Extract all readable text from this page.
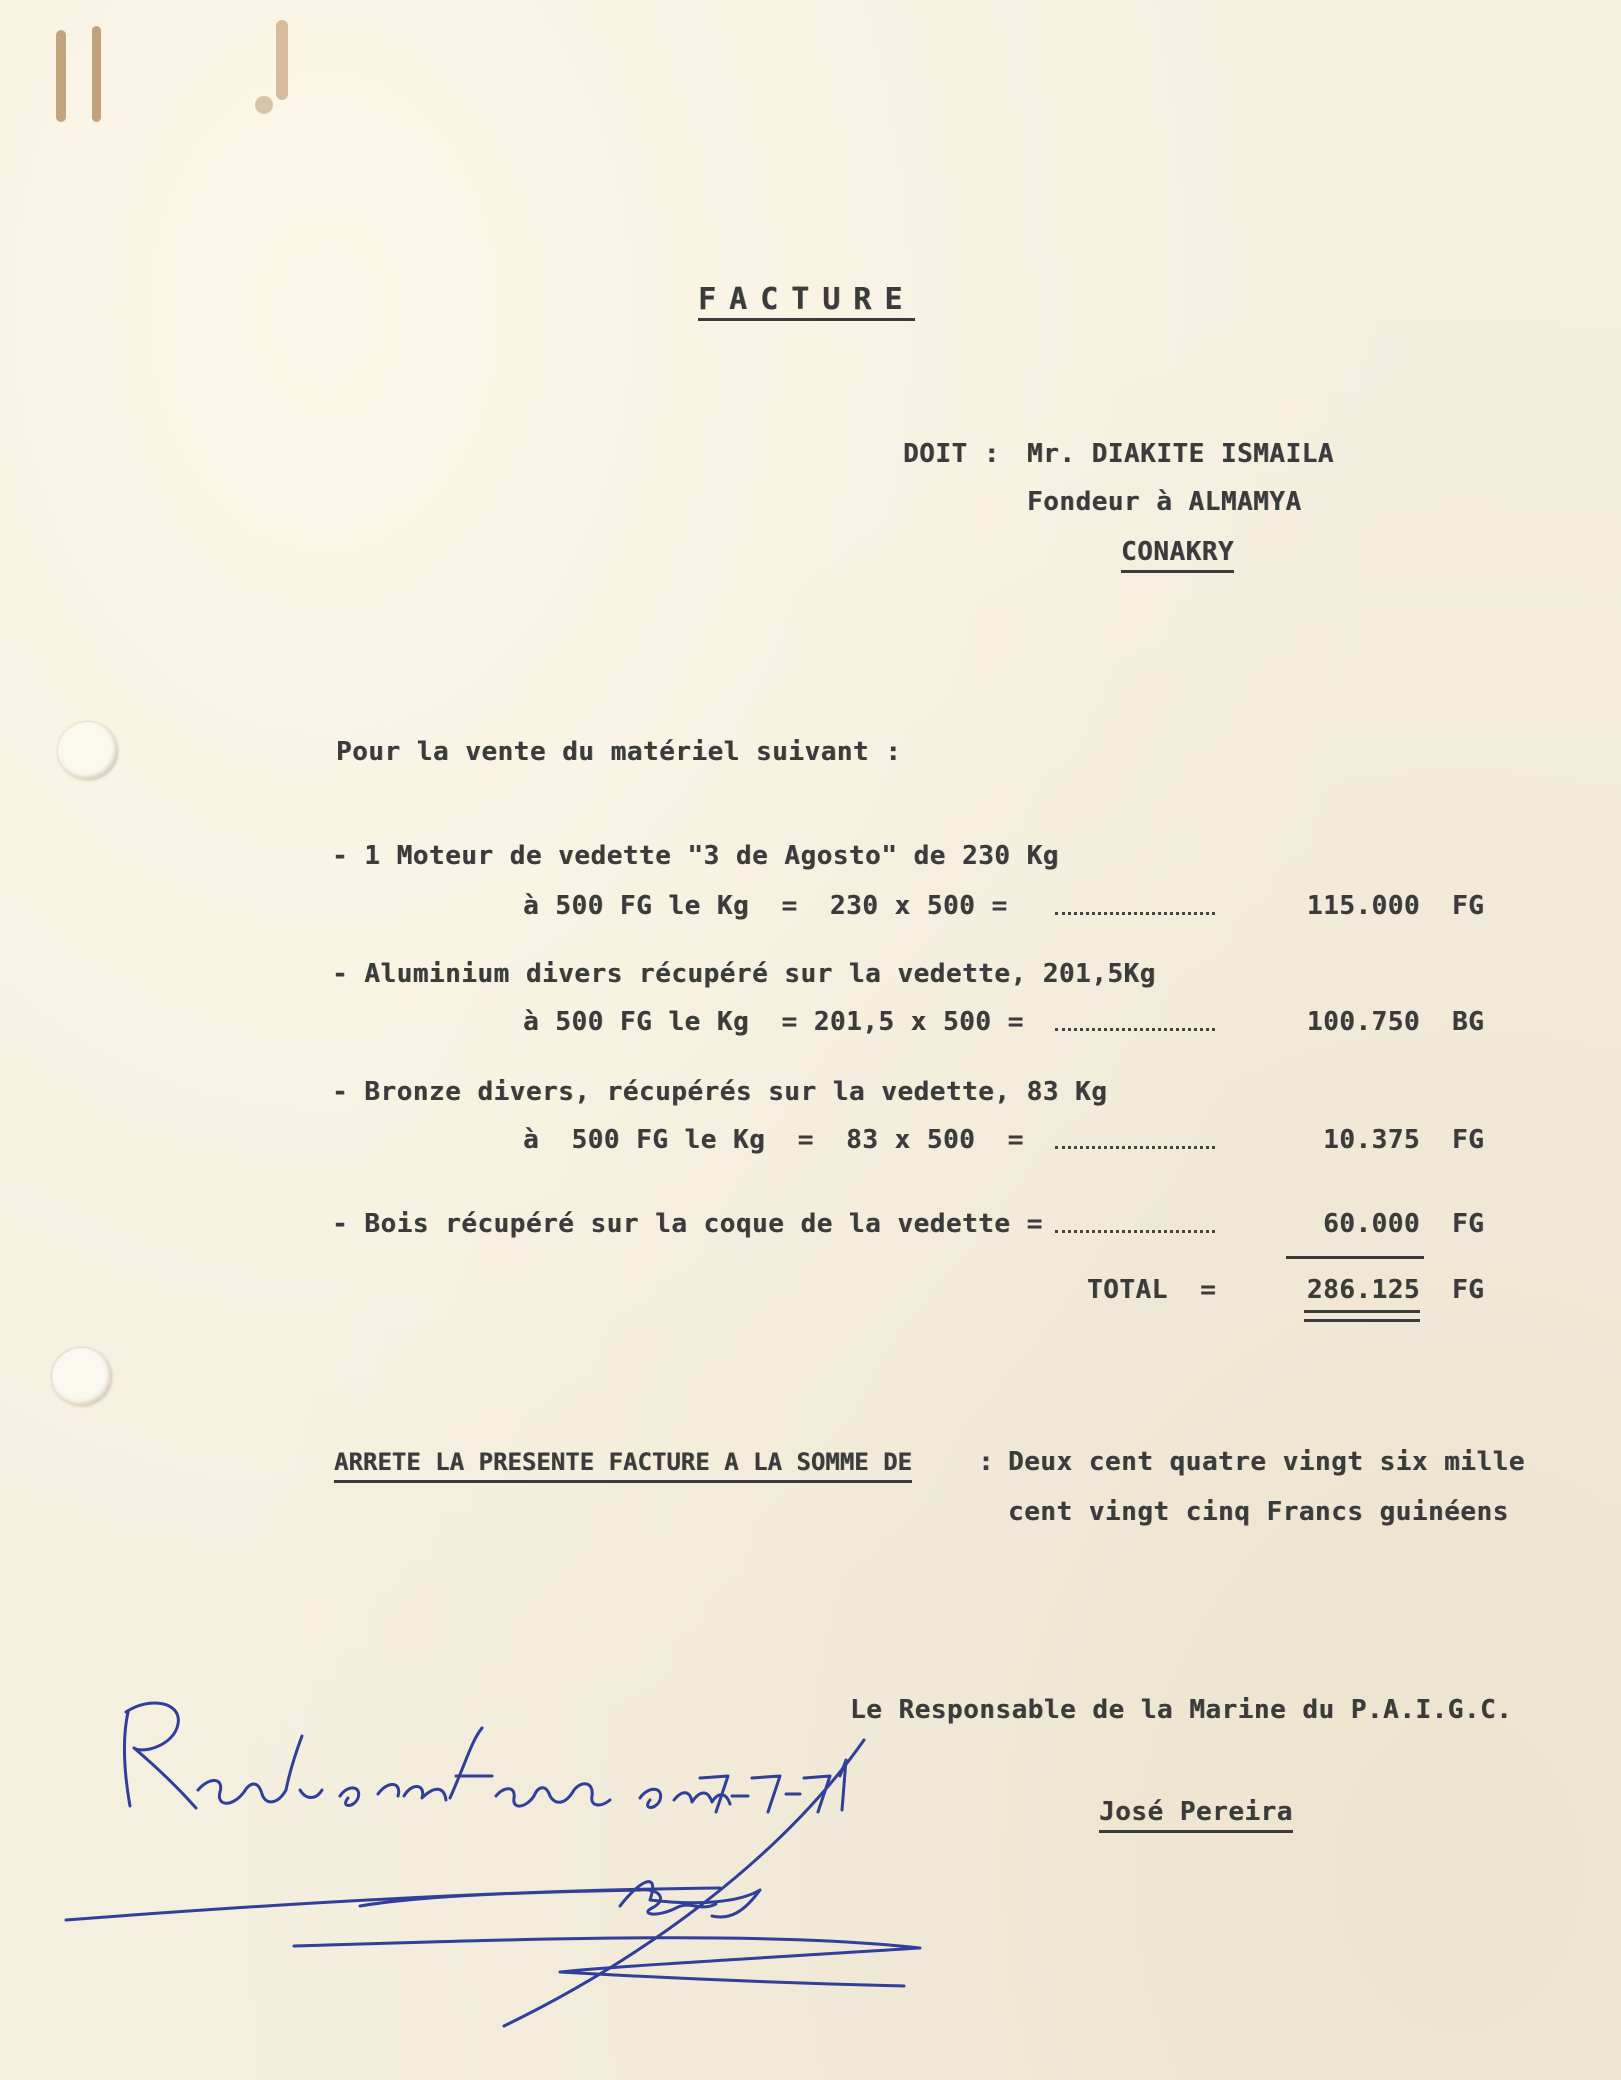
FACTURE
DOIT : Mr. DIAKITE ISMAILA
Fondeur à ALMAMYA
CONAKRY
Pour la vente du matériel suivant :
- 1 Moteur de vedette "3 de Agosto" de 230 Kg
à 500 FG le Kg  =  230 x 500 =	115.000 FG
- Aluminium divers récupéré sur la vedette, 201,5Kg
à 500 FG le Kg  = 201,5 x 500 =	100.750 BG
- Bronze divers, récupérés sur la vedette, 83 Kg
à  500 FG le Kg  =  83 x 500  =	10.375 FG
- Bois récupéré sur la coque de la vedette =	60.000 FG
TOTAL  =	286.125 FG
ARRETE LA PRESENTE FACTURE A LA SOMME DE	: Deux cent quatre vingt six mille
cent vingt cinq Francs guinéens
Le Responsable de la Marine du P.A.I.G.C.
José Pereira
